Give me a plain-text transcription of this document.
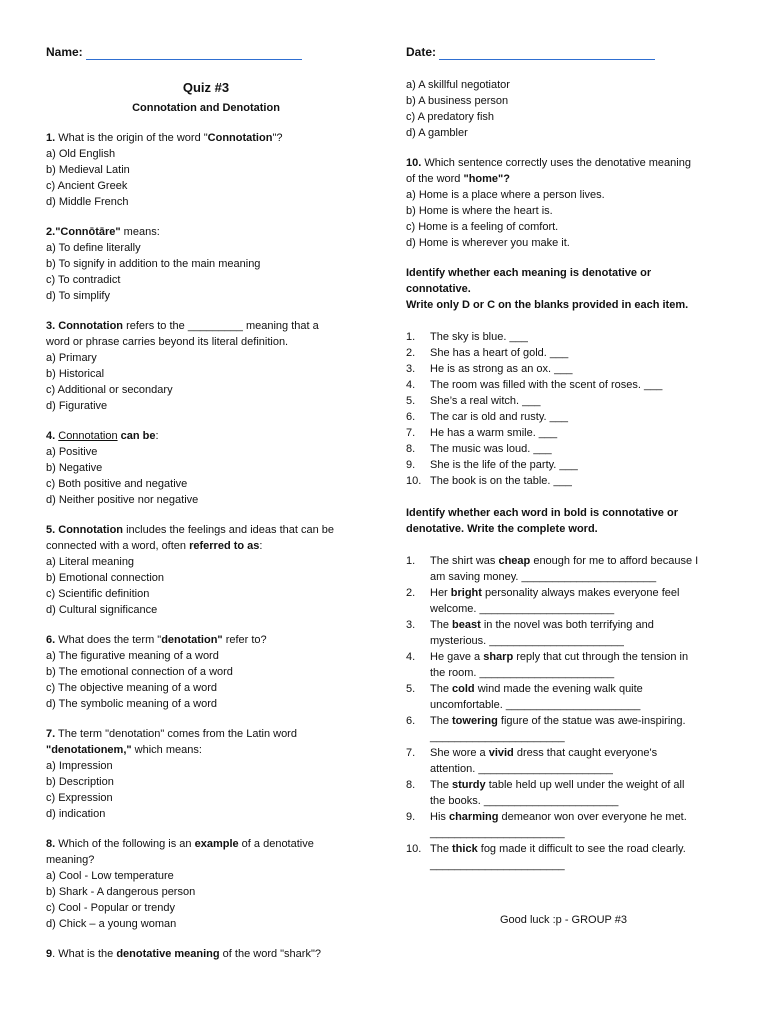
Name:	Date:
Quiz #3
Connotation and Denotation

1. What is the origin of the word "Connotation"?

a) Old English

b) Medieval Latin

c) Ancient Greek

d) Middle French

2."Connōtāre" means:

a) To define literally

b) To signify in addition to the main meaning

c) To contradict

d) To simplify

3. Connotation refers to the _________ meaning that a

word or phrase carries beyond its literal definition.

a) Primary

b) Historical

c) Additional or secondary

d) Figurative

4. Connotation can be:

a) Positive

b) Negative

c) Both positive and negative

d) Neither positive nor negative

5. Connotation includes the feelings and ideas that can be

connected with a word, often referred to as:

a) Literal meaning

b) Emotional connection

c) Scientific definition

d) Cultural significance

6. What does the term "denotation" refer to?

a) The figurative meaning of a word

b) The emotional connection of a word

c) The objective meaning of a word

d) The symbolic meaning of a word

7. The term "denotation" comes from the Latin word

"denotationem," which means:

a) Impression

b) Description

c) Expression

d) indication

8. Which of the following is an example of a denotative

meaning?

a) Cool - Low temperature

b) Shark - A dangerous person

c) Cool - Popular or trendy

d) Chick – a young woman

9. What is the denotative meaning of the word "shark"?

a) A skillful negotiator

b) A business person

c) A predatory fish

d) A gambler

10. Which sentence correctly uses the denotative meaning

of the word "home"?

a) Home is a place where a person lives.

b) Home is where the heart is.

c) Home is a feeling of comfort.

d) Home is wherever you make it.

Identify whether each meaning is denotative or

connotative.

Write only D or C on the blanks provided in each item.

1. The sky is blue. ___
2. She has a heart of gold. ___
3. He is as strong as an ox. ___
4. The room was filled with the scent of roses. ___
5. She’s a real witch. ___
6. The car is old and rusty. ___
7. He has a warm smile. ___
8. The music was loud. ___
9. She is the life of the party. ___
10. The book is on the table. ___

Identify whether each word in bold is connotative or

denotative. Write the complete word.

1. The shirt was cheap enough for me to afford because I
am saving money. ______________________
2. Her bright personality always makes everyone feel
welcome. ______________________
3. The beast in the novel was both terrifying and
mysterious. ______________________
4. He gave a sharp reply that cut through the tension in
the room. ______________________
5. The cold wind made the evening walk quite
uncomfortable. ______________________
6. The towering figure of the statue was awe-inspiring.
______________________
7. She wore a vivid dress that caught everyone's
attention. ______________________
8. The sturdy table held up well under the weight of all
the books. ______________________
9. His charming demeanor won over everyone he met.
______________________
10. The thick fog made it difficult to see the road clearly.
______________________
Good luck :p - GROUP #3
